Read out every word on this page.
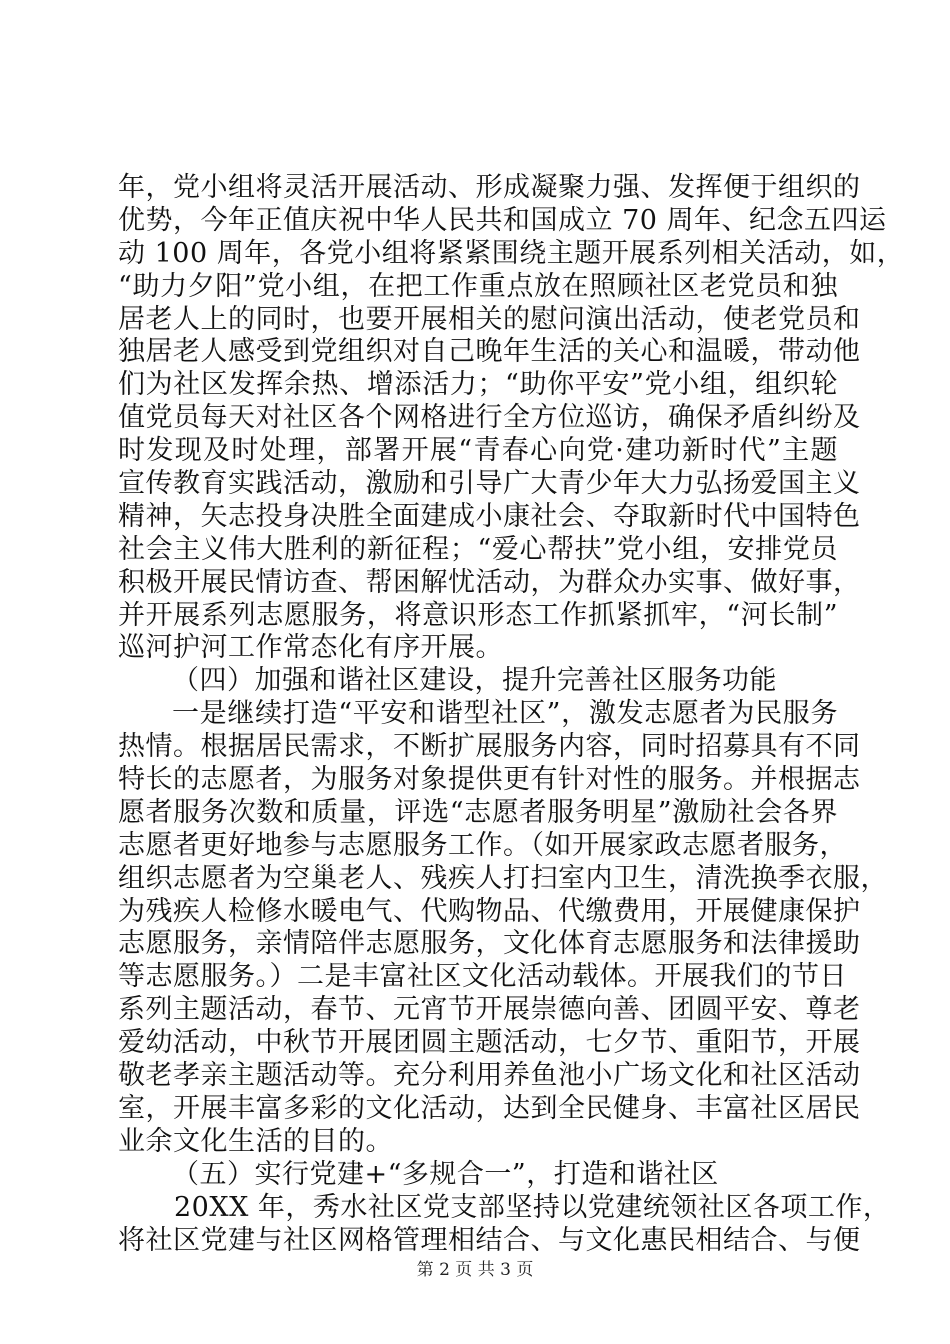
年，党小组将灵活开展活动、形成凝聚力强、发挥便于组织的
优势，今年正值庆祝中华人民共和国成立 70 周年、纪念五四运
动 100 周年，各党小组将紧紧围绕主题开展系列相关活动，如，
“助力夕阳”党小组，在把工作重点放在照顾社区老党员和独
居老人上的同时，也要开展相关的慰问演出活动，使老党员和
独居老人感受到党组织对自己晚年生活的关心和温暖，带动他
们为社区发挥余热、增添活力；“助你平安”党小组，组织轮
值党员每天对社区各个网格进行全方位巡访，确保矛盾纠纷及
时发现及时处理，部署开展“青春心向党·建功新时代”主题
宣传教育实践活动，激励和引导广大青少年大力弘扬爱国主义
精神，矢志投身决胜全面建成小康社会、夺取新时代中国特色
社会主义伟大胜利的新征程；“爱心帮扶”党小组，安排党员
积极开展民情访查、帮困解忧活动，为群众办实事、做好事，
并开展系列志愿服务，将意识形态工作抓紧抓牢，“河长制”
巡河护河工作常态化有序开展。
（四）加强和谐社区建设，提升完善社区服务功能
一是继续打造“平安和谐型社区”，激发志愿者为民服务
热情。根据居民需求，不断扩展服务内容，同时招募具有不同
特长的志愿者，为服务对象提供更有针对性的服务。并根据志
愿者服务次数和质量，评选“志愿者服务明星”激励社会各界
志愿者更好地参与志愿服务工作。（如开展家政志愿者服务，
组织志愿者为空巢老人、残疾人打扫室内卫生，清洗换季衣服，
为残疾人检修水暖电气、代购物品、代缴费用，开展健康保护
志愿服务，亲情陪伴志愿服务，文化体育志愿服务和法律援助
等志愿服务。）二是丰富社区文化活动载体。开展我们的节日
系列主题活动，春节、元宵节开展崇德向善、团圆平安、尊老
爱幼活动，中秋节开展团圆主题活动，七夕节、重阳节，开展
敬老孝亲主题活动等。充分利用养鱼池小广场文化和社区活动
室，开展丰富多彩的文化活动，达到全民健身、丰富社区居民
业余文化生活的目的。
（五）实行党建+“多规合一”，打造和谐社区
20XX 年，秀水社区党支部坚持以党建统领社区各项工作，
将社区党建与社区网格管理相结合、与文化惠民相结合、与便
第 2 页 共 3 页
